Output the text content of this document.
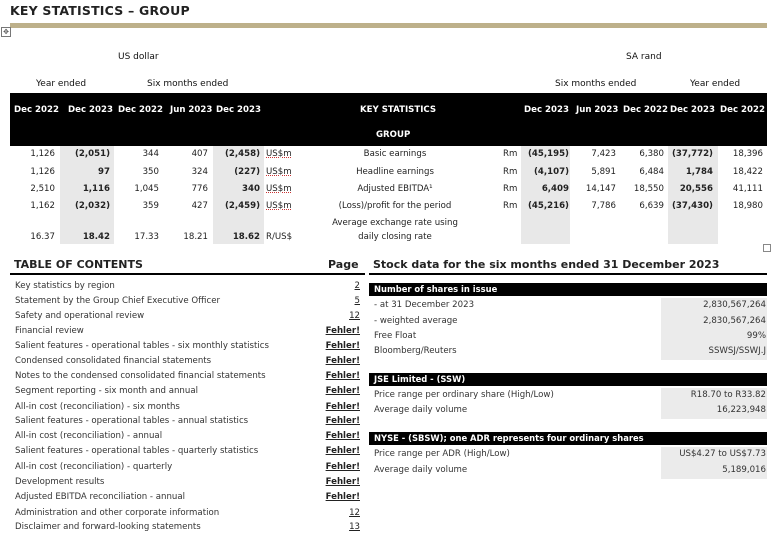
KEY STATISTICS – GROUP
✥
US dollar	SA rand
Year ended	Six months ended	Six months ended	Year ended
Dec 2022 Dec 2023 Dec 2022 Jun 2023 Dec 2023	KEY STATISTICS	Dec 2023 Jun 2023 Dec 2022 Dec 2023 Dec 2022
GROUP
1,126	(2,051)	344	407	(2,458) US$m	Basic earnings	Rm	(45,195)	7,423	6,380 (37,772)	18,396
1,126	97	350	324	(227) US$m	Headline earnings	Rm	(4,107)	5,891	6,484	1,784	18,422
2,510	1,116	1,045	776	340 US$m	Adjusted EBITDA¹	Rm	6,409	14,147	18,550	20,556	41,111
1,162	(2,032)	359	427	(2,459) US$m	(Loss)/profit for the period	Rm	(45,216)	7,786	6,639 (37,430)	18,980
16.37	18.42	17.33	18.21	18.62 R/US$
Average exchange rate using
daily closing rate
TABLE OF CONTENTS	Page
Key statistics by region	2
Statement by the Group Chief Executive Officer	5
Safety and operational review	12
Financial review	Fehler!
Salient features - operational tables - six monthly statistics	Fehler!
Condensed consolidated financial statements	Fehler!
Notes to the condensed consolidated financial statements	Fehler!
Segment reporting - six month and annual	Fehler!
All-in cost (reconciliation) - six months	Fehler!
Salient features - operational tables - annual statistics	Fehler!
All-in cost (reconciliation) - annual	Fehler!
Salient features - operational tables - quarterly statistics	Fehler!
All-in cost (reconciliation) - quarterly	Fehler!
Development results	Fehler!
Adjusted EBITDA reconciliation - annual	Fehler!
Administration and other corporate information	12
Disclaimer and forward-looking statements	13
Stock data for the six months ended 31 December 2023
Number of shares in issue
- at 31 December 2023	2,830,567,264
- weighted average	2,830,567,264
Free Float	99%
Bloomberg/Reuters	SSWSJ/SSWJ.J
JSE Limited - (SSW)
Price range per ordinary share (High/Low)	R18.70 to R33.82
Average daily volume	16,223,948
NYSE - (SBSW); one ADR represents four ordinary shares
Price range per ADR (High/Low)	US$4.27 to US$7.73
Average daily volume	5,189,016
